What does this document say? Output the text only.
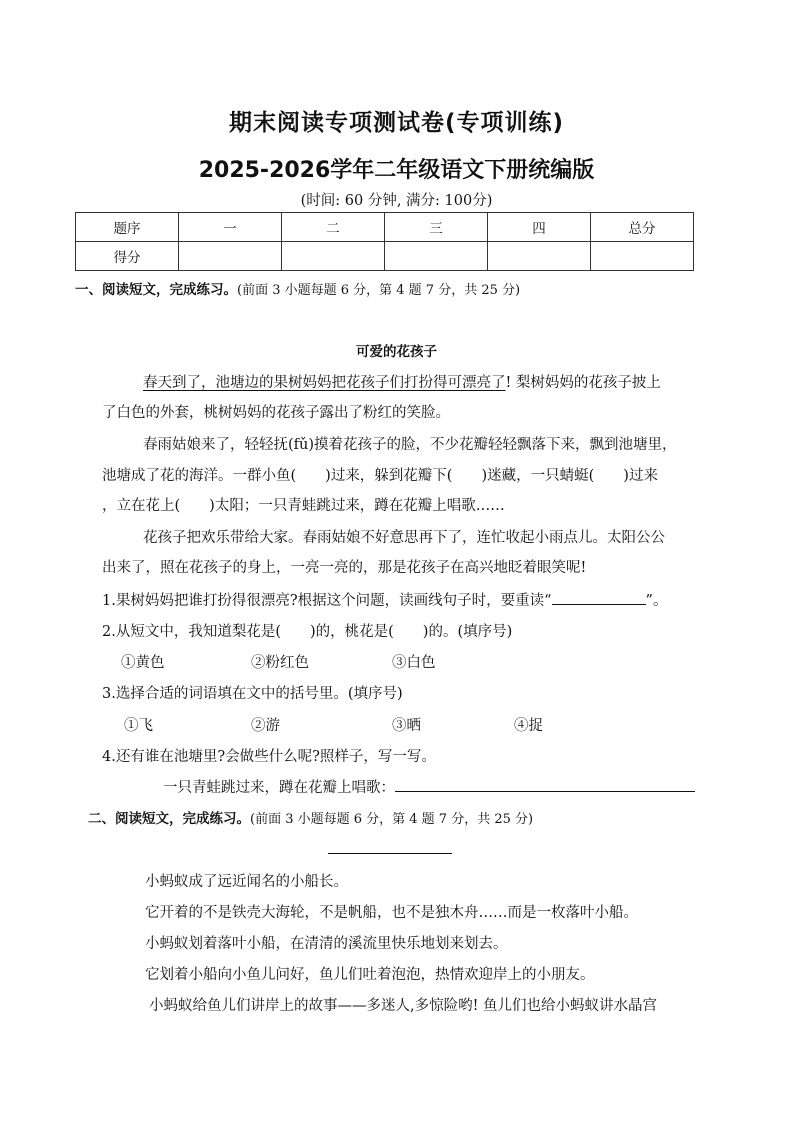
期末阅读专项测试卷(专项训练)
2025-2026学年二年级语文下册统编版
(时间: 60 分钟, 满分: 100分)
题序	一	二	三	四	总分
得分					
一、阅读短文，完成练习。(前面 3 小题每题 6 分，第 4 题 7 分，共 25 分)
可爱的花孩子
春天到了，池塘边的果树妈妈把花孩子们打扮得可漂亮了! 梨树妈妈的花孩子披上
了白色的外套，桃树妈妈的花孩子露出了粉红的笑脸。
春雨姑娘来了，轻轻抚(fǔ)摸着花孩子的脸，不少花瓣轻轻飘落下来，飘到池塘里，
池塘成了花的海洋。一群小鱼(　　)过来，躲到花瓣下(　　)迷藏，一只蜻蜓(　　)过来
，立在花上(　　)太阳；一只青蛙跳过来，蹲在花瓣上唱歌……
花孩子把欢乐带给大家。春雨姑娘不好意思再下了，连忙收起小雨点儿。太阳公公
出来了，照在花孩子的身上，一亮一亮的，那是花孩子在高兴地眨着眼笑呢!
1.果树妈妈把谁打扮得很漂亮?根据这个问题，读画线句子时，要重读“	”。
2.从短文中，我知道梨花是(　　)的，桃花是(　　)的。(填序号)
①黄色	②粉红色	③白色
3.选择合适的词语填在文中的括号里。(填序号)
①飞	②游	③晒	④捉
4.还有谁在池塘里?会做些什么呢?照样子，写一写。
一只青蛙跳过来，蹲在花瓣上唱歌：
二、阅读短文，完成练习。(前面 3 小题每题 6 分，第 4 题 7 分，共 25 分)
小蚂蚁成了远近闻名的小船长。
它开着的不是铁壳大海轮，不是帆船，也不是独木舟……而是一枚落叶小船。
小蚂蚁划着落叶小船，在清清的溪流里快乐地划来划去。
它划着小船向小鱼儿问好，鱼儿们吐着泡泡，热情欢迎岸上的小朋友。
小蚂蚁给鱼儿们讲岸上的故事——多迷人,多惊险哟! 鱼儿们也给小蚂蚁讲水晶宫
